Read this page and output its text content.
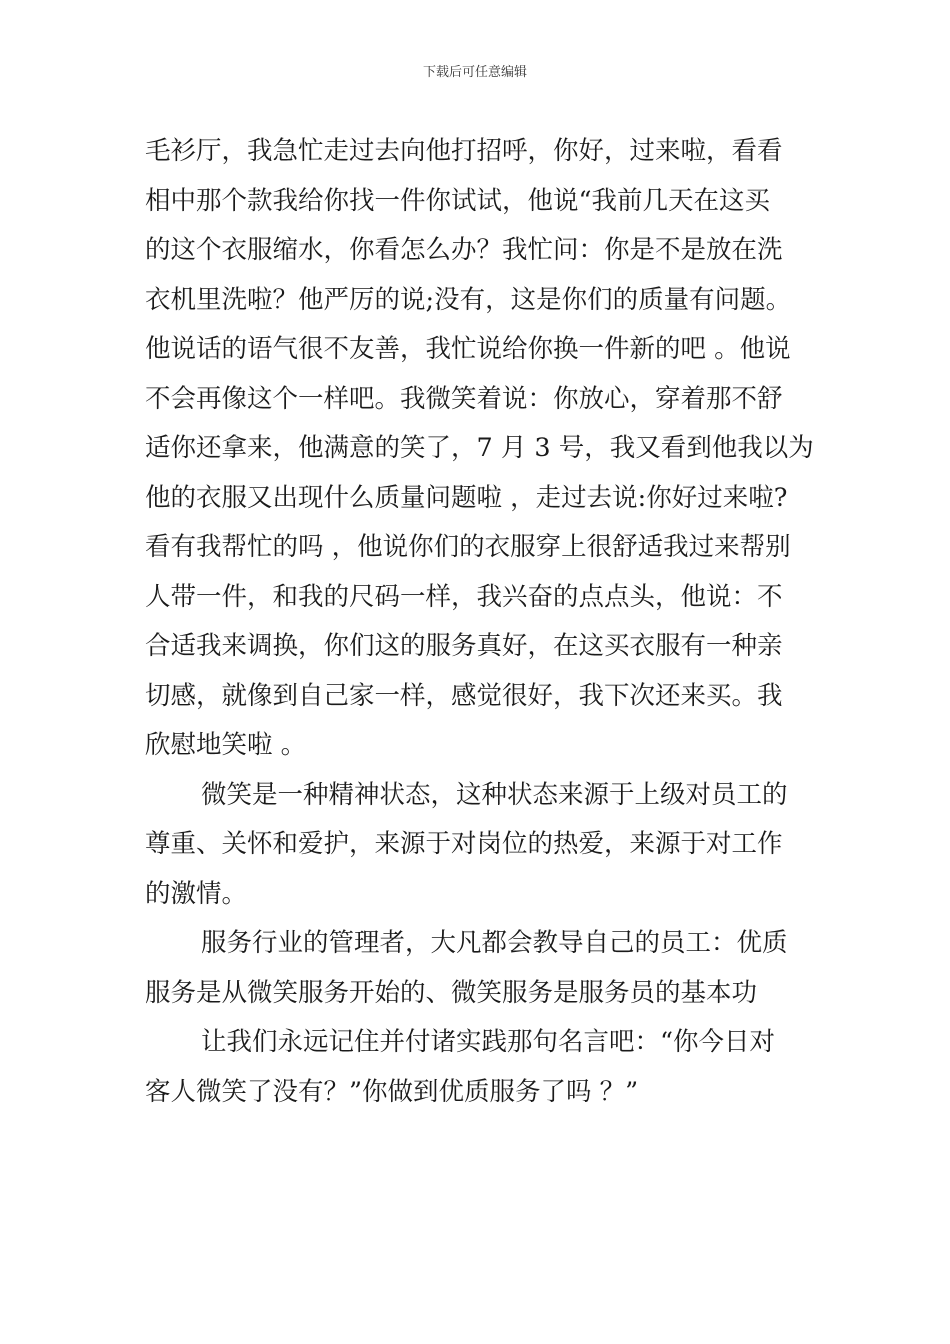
下载后可任意编辑
毛衫厅，我急忙走过去向他打招呼，你好，过来啦，看看
相中那个款我给你找一件你试试，他说“我前几天在这买
的这个衣服缩水，你看怎么办？我忙问：你是不是放在洗
衣机里洗啦？他严厉的说;没有，这是你们的质量有问题。
他说话的语气很不友善，我忙说给你换一件新的吧 。他说
不会再像这个一样吧。我微笑着说：你放心，穿着那不舒
适你还拿来，他满意的笑了，7 月 3 号，我又看到他我以为
他的衣服又出现什么质量问题啦 ，走过去说:你好过来啦?
看有我帮忙的吗 ，他说你们的衣服穿上很舒适我过来帮别
人带一件，和我的尺码一样，我兴奋的点点头，他说：不
合适我来调换，你们这的服务真好，在这买衣服有一种亲
切感，就像到自己家一样，感觉很好，我下次还来买。我
欣慰地笑啦 。
微笑是一种精神状态，这种状态来源于上级对员工的
尊重、关怀和爱护，来源于对岗位的热爱，来源于对工作
的激情。
服务行业的管理者，大凡都会教导自己的员工：优质
服务是从微笑服务开始的、微笑服务是服务员的基本功
让我们永远记住并付诸实践那句名言吧：“你今日对
客人微笑了没有？”你做到优质服务了吗 ？”
